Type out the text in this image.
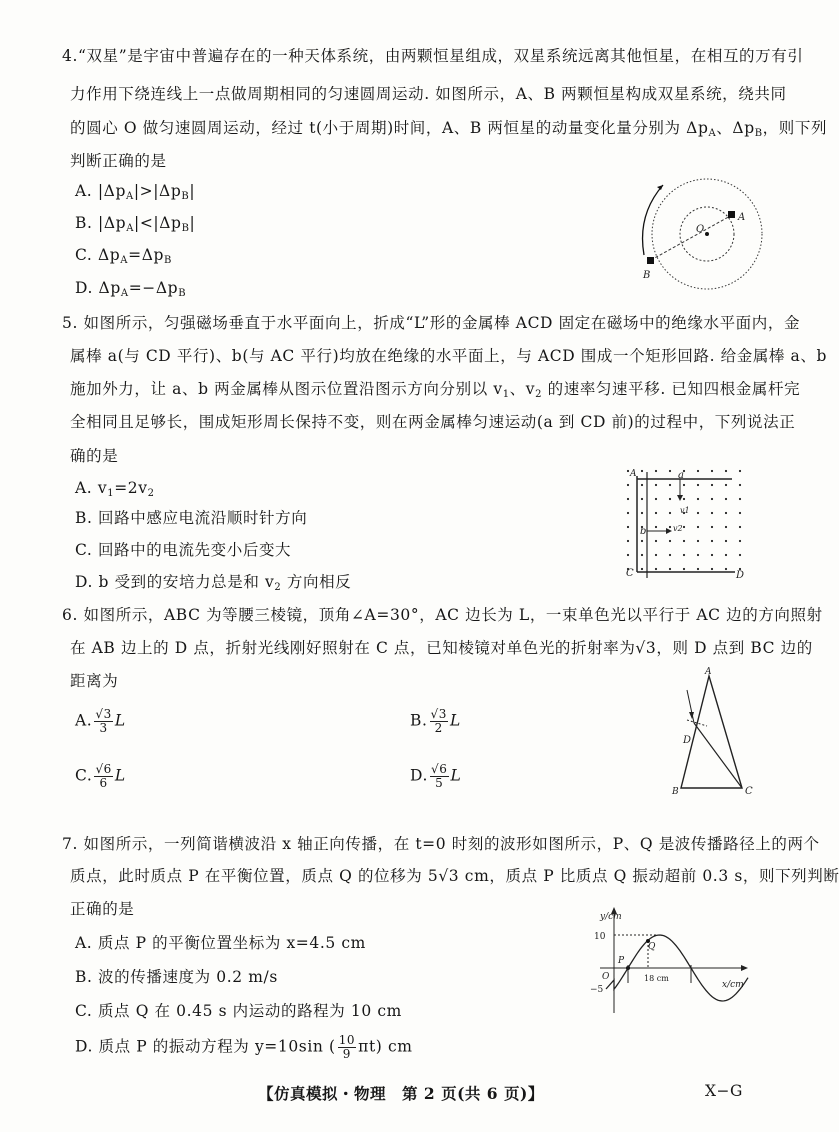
4.“双星”是宇宙中普遍存在的一种天体系统，由两颗恒星组成，双星系统远离其他恒星，在相互的万有引
力作用下绕连线上一点做周期相同的匀速圆周运动. 如图所示，A、B 两颗恒星构成双星系统，绕共同
的圆心 O 做匀速圆周运动，经过 t(小于周期)时间，A、B 两恒星的动量变化量分别为 $\Delta p_A$、$\Delta p_B$，则下列
判断正确的是
A. $|\Delta p_A|>|\Delta p_B|$
B. $|\Delta p_A|<|\Delta p_B|$
C. $\Delta p_A=\Delta p_B$
D. $\Delta p_A=-\Delta p_B$
O
A
B
5. 如图所示，匀强磁场垂直于水平面向上，折成“L”形的金属棒 ACD 固定在磁场中的绝缘水平面内，金
属棒 a(与 CD 平行)、b(与 AC 平行)均放在绝缘的水平面上，与 ACD 围成一个矩形回路. 给金属棒 a、b
施加外力，让 a、b 两金属棒从图示位置沿图示方向分别以 $v_1$、$v_2$ 的速率匀速平移. 已知四根金属杆完
全相同且足够长，围成矩形周长保持不变，则在两金属棒匀速运动(a 到 CD 前)的过程中，下列说法正
确的是
A. $v_1=2v_2$
B. 回路中感应电流沿顺时针方向
C. 回路中的电流先变小后变大
D. b 受到的安培力总是和 $v_2$ 方向相反
A	a
v1
b	v2
C	D
6. 如图所示，ABC 为等腰三棱镜，顶角∠A=30°，AC 边长为 L，一束单色光以平行于 AC 边的方向照射
在 AB 边上的 D 点，折射光线刚好照射在 C 点，已知棱镜对单色光的折射率为√3，则 D 点到 BC 边的
距离为
A. $\frac{√3}{3}$ L	B. $\frac{√3}{2}$ L
C. $\frac{√6}{6}$ L	D. $\frac{√6}{5}$ L
A
D
B	C
7. 如图所示，一列简谐横波沿 x 轴正向传播，在 t=0 时刻的波形如图所示，P、Q 是波传播路径上的两个
质点，此时质点 P 在平衡位置，质点 Q 的位移为 5√3 cm，质点 P 比质点 Q 振动超前 0.3 s，则下列判断
正确的是
A. 质点 P 的平衡位置坐标为 x=4.5 cm
B. 波的传播速度为 0.2 m/s
C. 质点 Q 在 0.45 s 内运动的路程为 10 cm
D. 质点 P 的振动方程为 y=10sin ( $\frac{10}{9} \pi t$) cm
y/cm
x/cm
10
−5
O
P
Q
18 cm
【仿真模拟・物理　第 2 页(共 6 页)】	X−G
